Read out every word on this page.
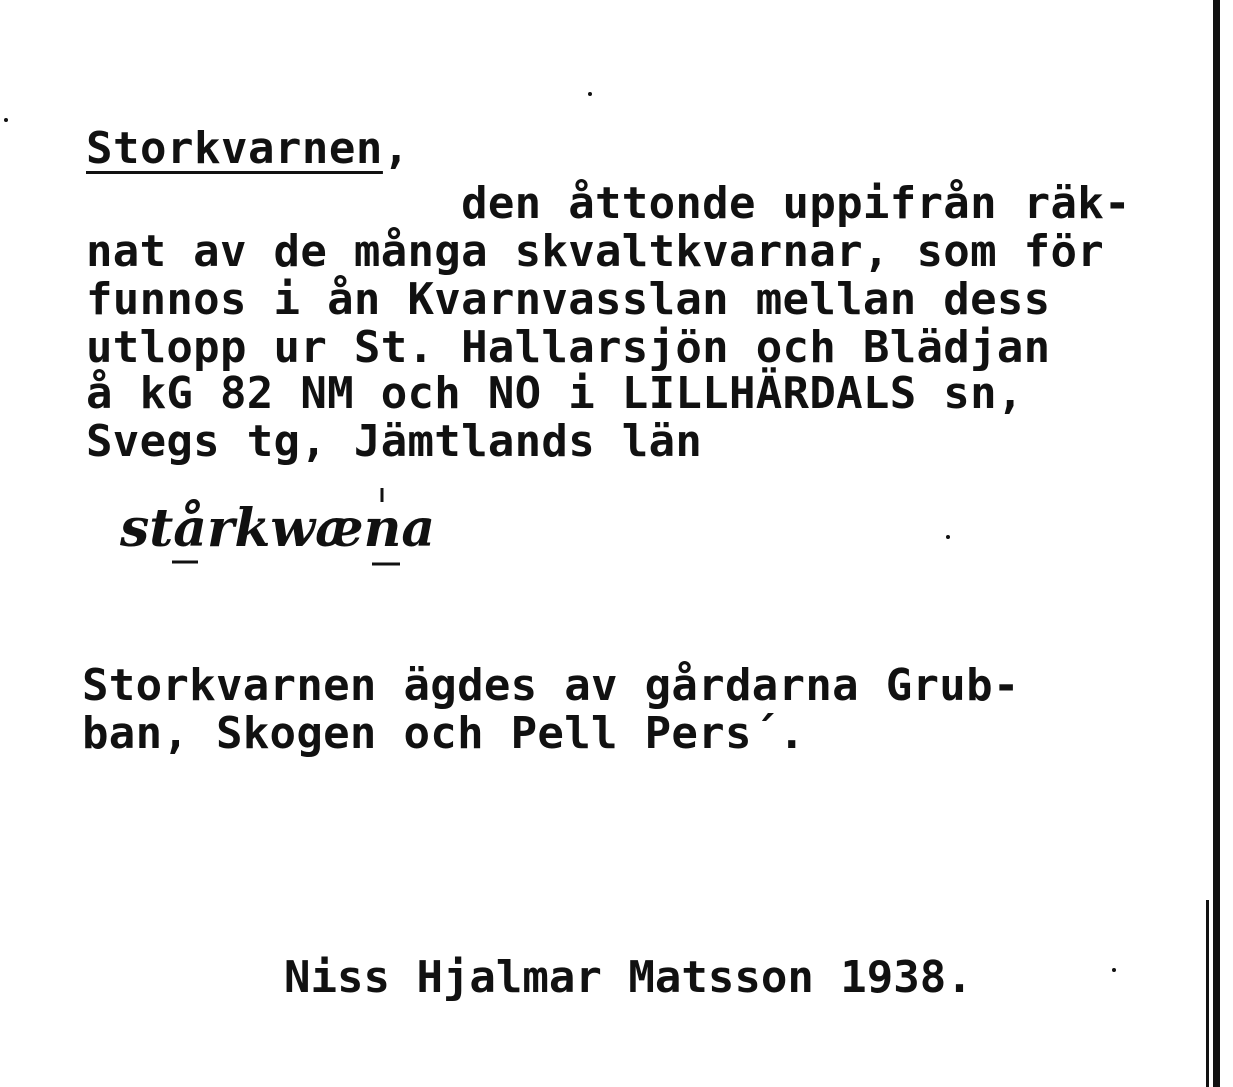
Storkvarnen,
den åttonde uppifrån räk-
nat av de många skvaltkvarnar, som för
funnos i ån Kvarnvasslan mellan dess
utlopp ur St. Hallarsjön och Blädjan
å kG 82 NM och NO i LILLHÄRDALS sn,
Svegs tg, Jämtlands län
stårkwæna
Storkvarnen ägdes av gårdarna Grub-
ban, Skogen och Pell Pers´.
Niss Hjalmar Matsson 1938.
